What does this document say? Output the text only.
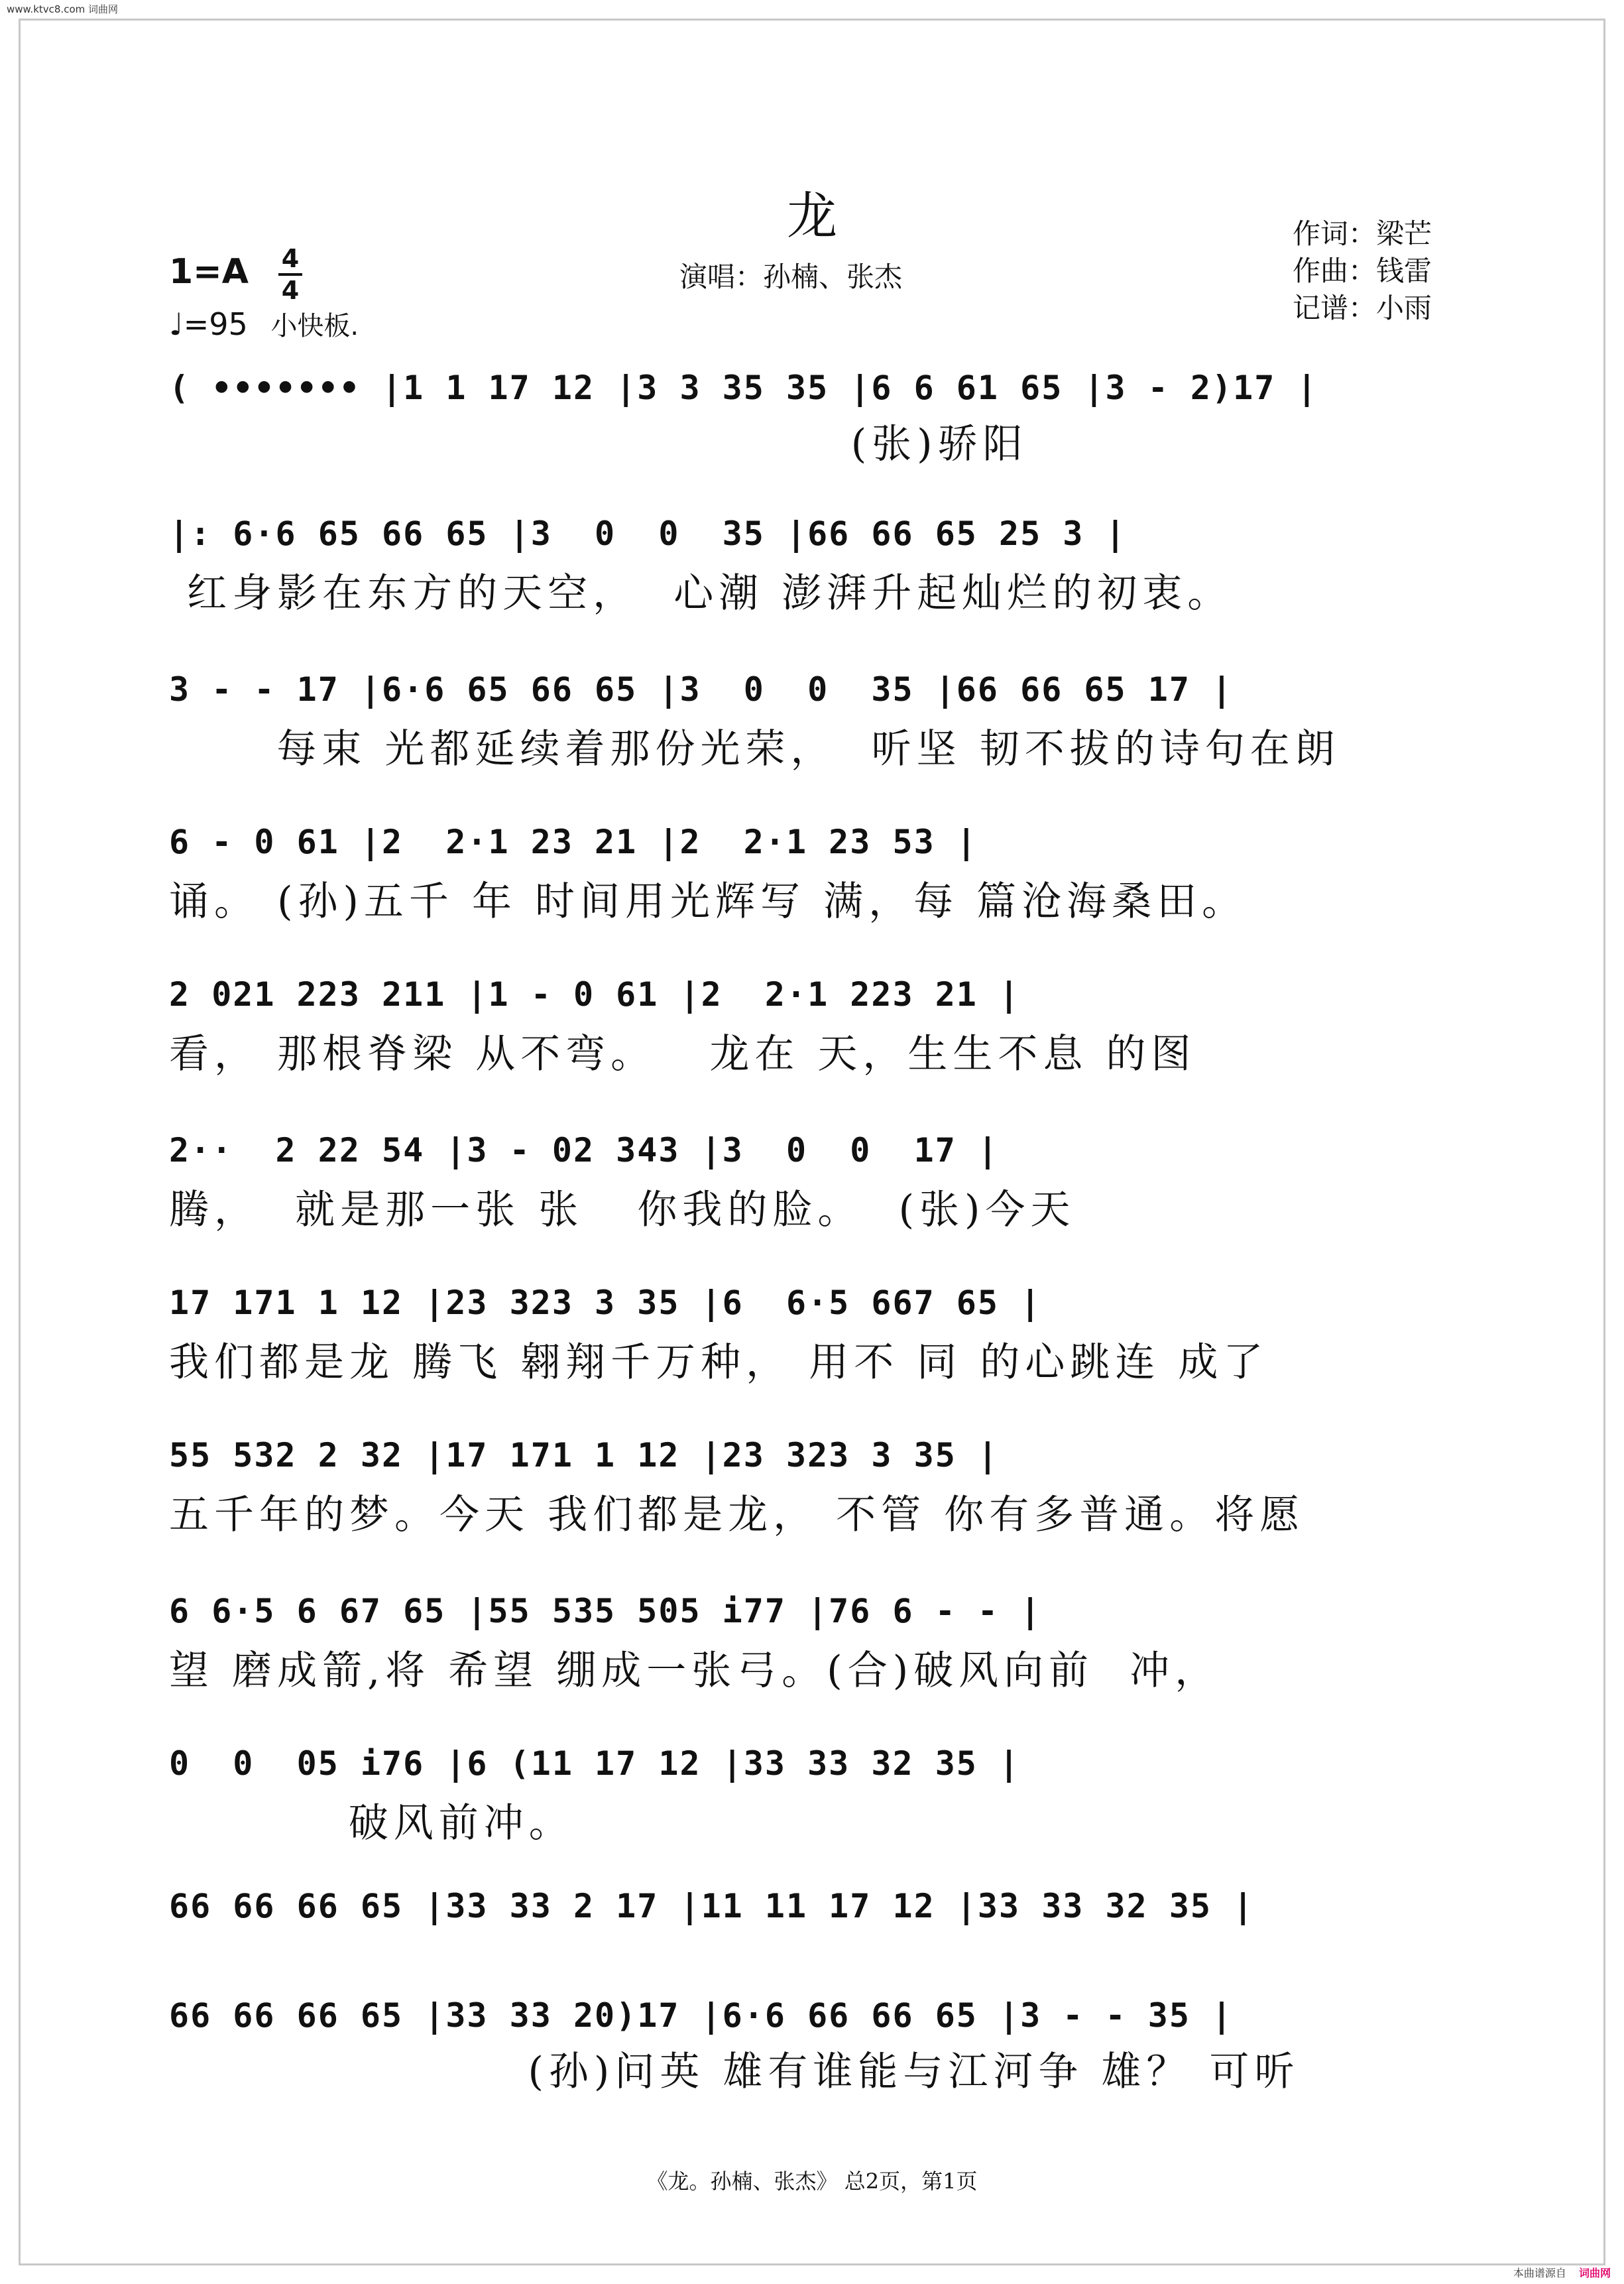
www.ktvc8.com 词曲网
龙
1=A 4
4
♩=95 小快板.
演唱：孙楠、张杰
作词：梁芒
作曲：钱雷
记谱：小雨
( ••••••• |1 1 17 12 |3 3 35 35 |6 6 61 65 |3 - 2)17 |
(张)骄阳
|: 6·6 65 66 65 |3  0  0  35 |66 66 65 25 3 |
红身影在东方的天空，  心潮 澎湃升起灿烂的初衷。
3 - - 17 |6·6 65 66 65 |3  0  0  35 |66 66 65 17 |
每束 光都延续着那份光荣，  听坚 韧不拔的诗句在朗
6 - 0 61 |2  2·1 23 21 |2  2·1 23 53 |
诵。 (孙)五千 年 时间用光辉写 满，每 篇沧海桑田。
2 021 223 211 |1 - 0 61 |2  2·1 223 21 |
看， 那根脊梁 从不弯。   龙在 天，生生不息 的图
2··  2 22 54 |3 - 02 343 |3  0  0  17 |
腾，  就是那一张 张   你我的脸。  (张)今天
17 171 1 12 |23 323 3 35 |6  6·5 667 65 |
我们都是龙 腾飞 翱翔千万种， 用不 同 的心跳连 成了
55 532 2 32 |17 171 1 12 |23 323 3 35 |
五千年的梦。今天 我们都是龙， 不管 你有多普通。将愿
6 6·5 6 67 65 |55 535 505 i77 |76 6 - - |
望 磨成箭,将 希望 绷成一张弓。(合)破风向前  冲，
0  0  05 i76 |6 (11 17 12 |33 33 32 35 |
破风前冲。
66 66 66 65 |33 33 2 17 |11 11 17 12 |33 33 32 35 |
66 66 66 65 |33 33 20)17 |6·6 66 66 65 |3 - - 35 |
(孙)问英 雄有谁能与江河争 雄？ 可听
《龙。孙楠、张杰》 总2页，第1页
本曲谱源自 词曲网
